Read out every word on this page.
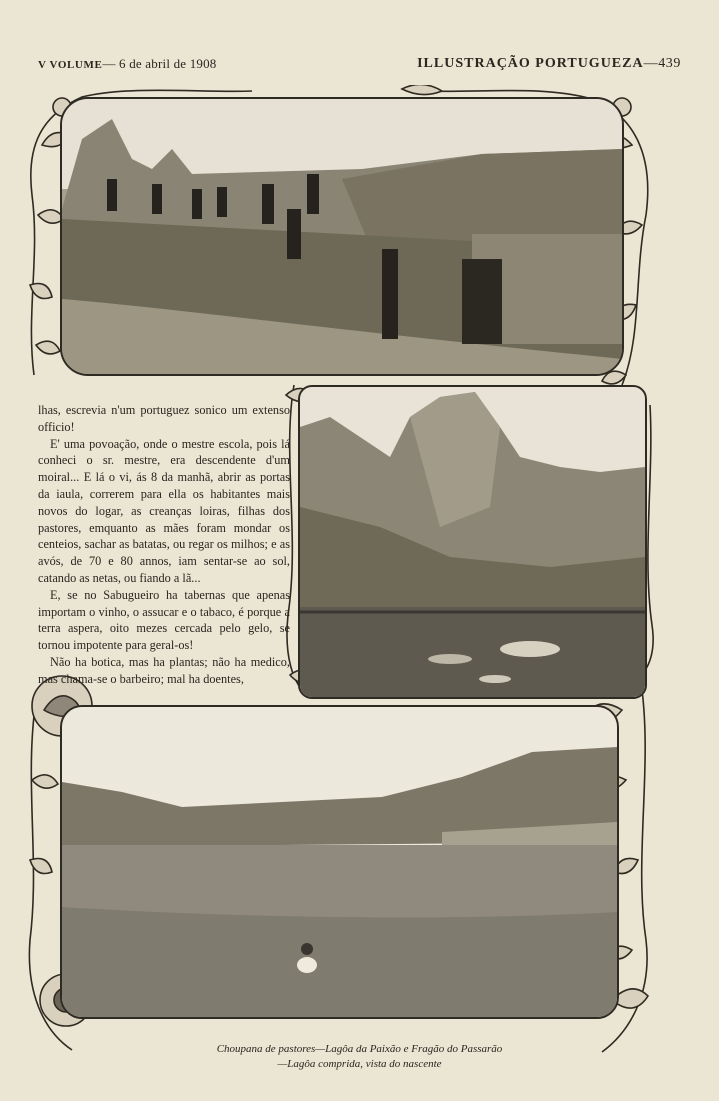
V VOLUME— 6 de abril de 1908	ILLUSTRAÇÃO PORTUGUEZA—439

lhas, escrevia n'um portuguez sonico um extenso officio!

E' uma povoação, onde o mestre escola, pois lá conheci o sr. mestre, era descendente d'um moiral... E lá o vi, ás 8 da manhã, abrir as portas da iaula, correrem para ella os habitantes mais novos do logar, as creanças loiras, filhas dos pastores, emquanto as mães foram mondar os centeios, sachar as batatas, ou regar os milhos; e as avós, de 70 e 80 annos, iam sentar-se ao sol, catando as netas, ou fiando a lã...

E, se no Sabugueiro ha tabernas que apenas importam o vinho, o assucar e o tabaco, é porque a terra aspera, oito mezes cercada pelo gelo, se tornou impotente para geral-os!

Não ha botica, mas ha plantas; não ha medico, mas chama-se o barbeiro; mal ha doentes,

Choupana de pastores—Lagôa da Paixão e Fragão do Passarão
—Lagôa comprida, vista do nascente
